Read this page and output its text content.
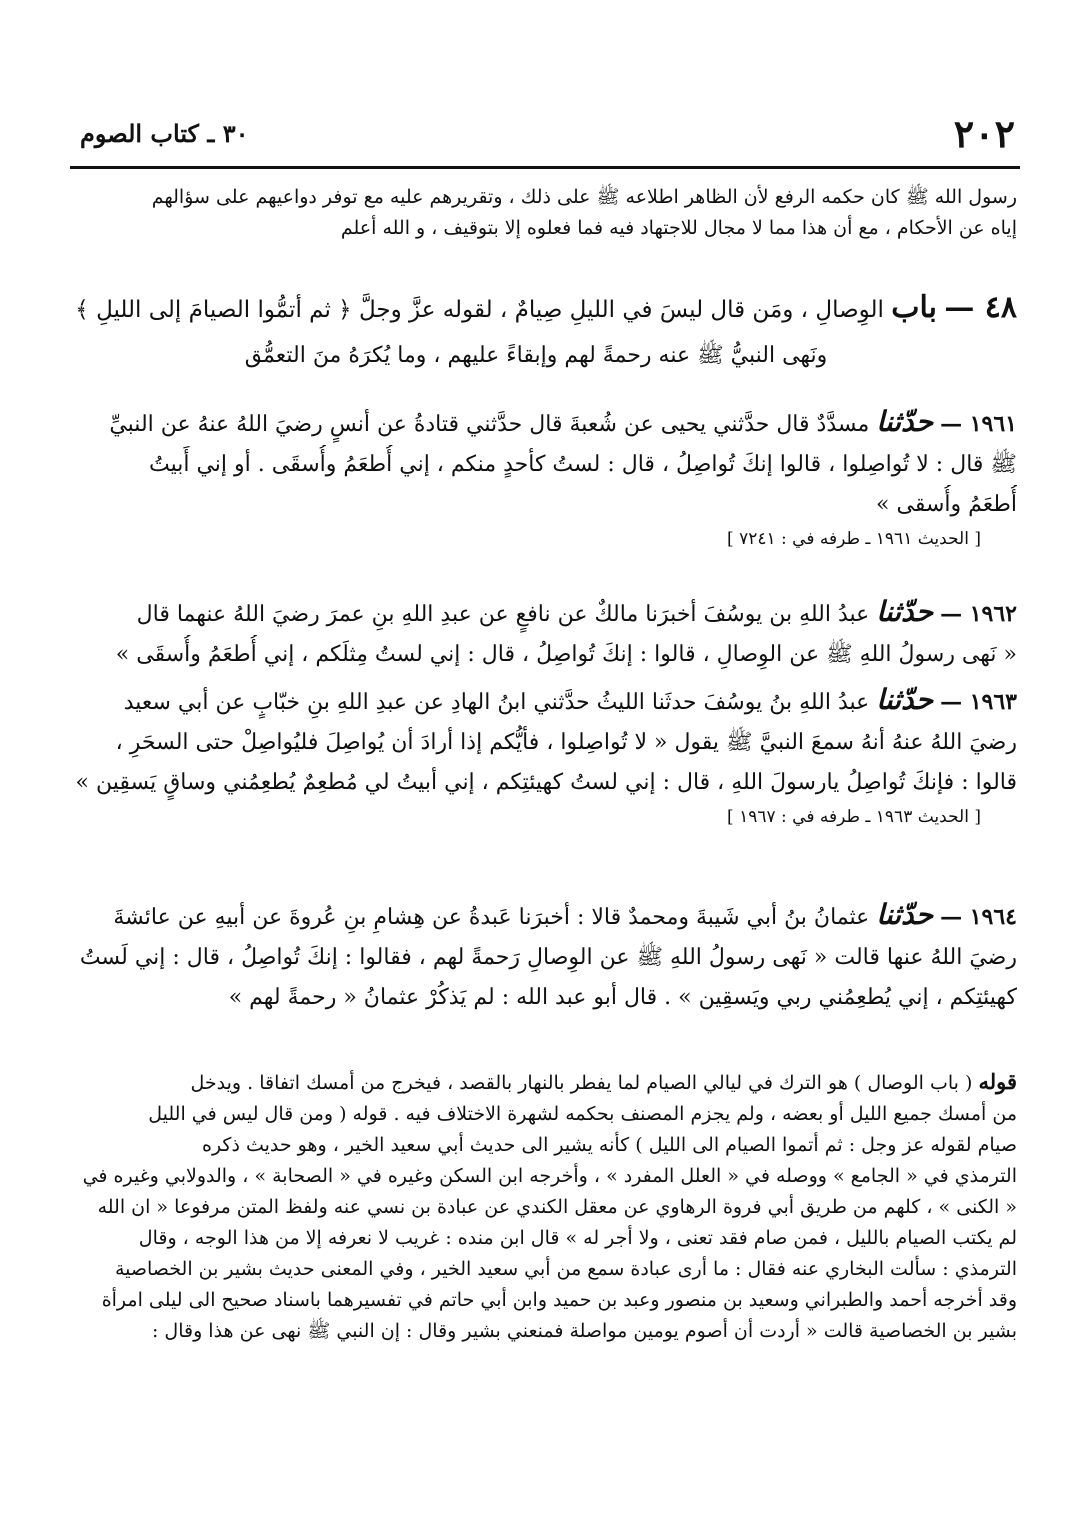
٢٠٢
٣٠ ـ كتاب الصوم
رسول الله ﷺ كان حكمه الرفع لأن الظاهر اطلاعه ﷺ على ذلك ، وتقريرهم عليه مع توفر دواعيهم على سؤالهم
إياه عن الأحكام ، مع أن هذا مما لا مجال للاجتهاد فيه فما فعلوه إلا بتوقيف ، و الله أعلم
٤٨ — باب الوِصالِ ، ومَن قال ليسَ في الليلِ صِيامٌ ، لقوله عزَّ وجلَّ ﴿ ثم أتمُّوا الصيامَ إلى الليلِ ﴾
ونَهى النبيُّ ﷺ عنه رحمةً لهم وإبقاءً عليهم ، وما يُكرَهُ منَ التعمُّق
١٩٦١ — حدّثنا مسدَّدٌ قال حدَّثني يحيى عن شُعبةَ قال حدَّثني قتادةُ عن أنسٍ رضيَ اللهُ عنهُ عن النبيِّ
ﷺ قال : لا تُواصِلوا ، قالوا إنكَ تُواصِلُ ، قال : لستُ كأحدٍ منكم ، إني أُطعَمُ وأُسقَى . أو إني أَبيتُ
أُطعَمُ وأُسقى »
[ الحديث ١٩٦١ ـ طرفه في : ٧٢٤١ ]
١٩٦٢ — حدّثنا عبدُ اللهِ بن يوسُفَ أخبرَنا مالكٌ عن نافعٍ عن عبدِ اللهِ بنِ عمرَ رضيَ اللهُ عنهما قال
« نَهى رسولُ اللهِ ﷺ عن الوِصالِ ، قالوا : إنكَ تُواصِلُ ، قال : إني لستُ مِثلَكم ، إني أُطعَمُ وأُسقَى »
١٩٦٣ — حدّثنا عبدُ اللهِ بنُ يوسُفَ حدثَنا الليثُ حدَّثني ابنُ الهادِ عن عبدِ اللهِ بنِ خبّابٍ عن أبي سعيد
رضيَ اللهُ عنهُ أنهُ سمعَ النبيَّ ﷺ يقول « لا تُواصِلوا ، فأيُّكم إذا أرادَ أن يُواصِلَ فليُواصِلْ حتى السحَرِ ،
قالوا : فإنكَ تُواصِلُ يارسولَ اللهِ ، قال : إني لستُ كهيئتِكم ، إني أبيتُ لي مُطعِمٌ يُطعِمُني وساقٍ يَسقِين »
[ الحديث ١٩٦٣ ـ طرفه في : ١٩٦٧ ]
١٩٦٤ — حدّثنا عثمانُ بنُ أبي شَيبةَ ومحمدٌ قالا : أخبرَنا عَبدةُ عن هِشامِ بنِ عُروةَ عن أبيهِ عن عائشةَ
رضيَ اللهُ عنها قالت « نَهى رسولُ اللهِ ﷺ عن الوِصالِ رَحمةً لهم ، فقالوا : إنكَ تُواصِلُ ، قال : إني لَستُ
كهيئتِكم ، إني يُطعِمُني ربي ويَسقِين » . قال أبو عبد الله : لم يَذكُرْ عثمانُ « رحمةً لهم »
قوله ( باب الوصال ) هو الترك في ليالي الصيام لما يفطر بالنهار بالقصد ، فيخرج من أمسك اتفاقا . ويدخل
من أمسك جميع الليل أو بعضه ، ولم يجزم المصنف بحكمه لشهرة الاختلاف فيه . قوله ( ومن قال ليس في الليل
صيام لقوله عز وجل : ثم أتموا الصيام الى الليل ) كأنه يشير الى حديث أبي سعيد الخير ، وهو حديث ذكره
الترمذي في « الجامع » ووصله في « العلل المفرد » ، وأخرجه ابن السكن وغيره في « الصحابة » ، والدولابي وغيره في
« الكنى » ، كلهم من طريق أبي فروة الرهاوي عن معقل الكندي عن عبادة بن نسي عنه ولفظ المتن مرفوعا « ان الله
لم يكتب الصيام بالليل ، فمن صام فقد تعنى ، ولا أجر له » قال ابن منده : غريب لا نعرفه إلا من هذا الوجه ، وقال
الترمذي : سألت البخاري عنه فقال : ما أرى عبادة سمع من أبي سعيد الخير ، وفي المعنى حديث بشير بن الخصاصية
وقد أخرجه أحمد والطبراني وسعيد بن منصور وعبد بن حميد وابن أبي حاتم في تفسيرهما باسناد صحيح الى ليلى امرأة
بشير بن الخصاصية قالت « أردت أن أصوم يومين مواصلة فمنعني بشير وقال : إن النبي ﷺ نهى عن هذا وقال :
